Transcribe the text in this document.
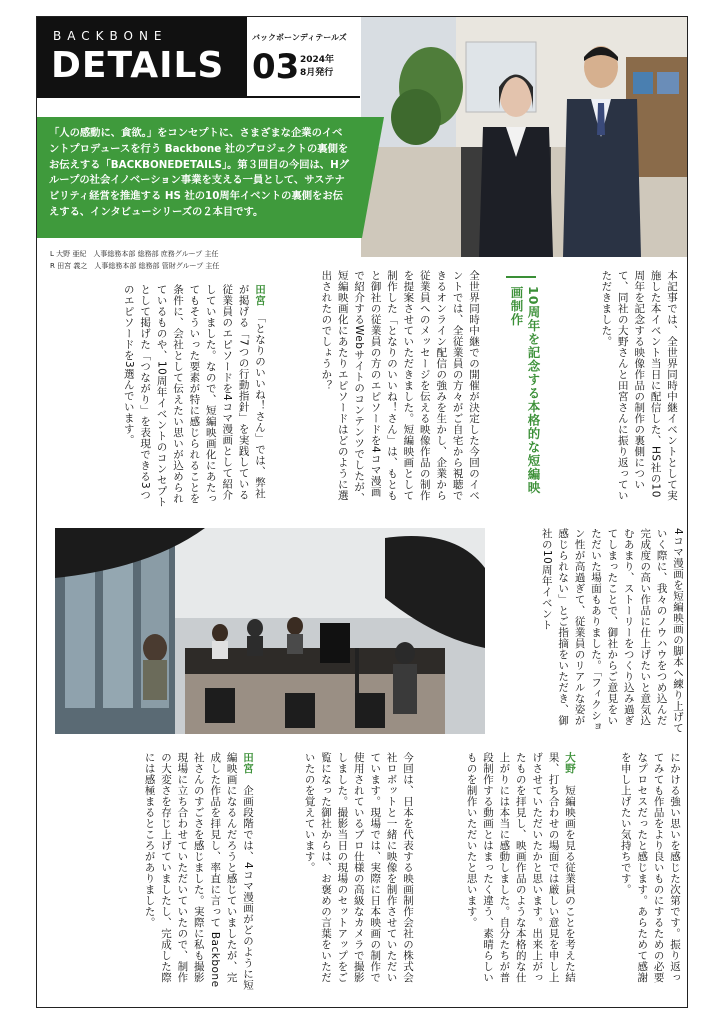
BACKBONE
DETAILS
バックボーンディテールズ
03 2024年
8月発行

「人の感動に、貪欲。」をコンセプトに、さまざまな企業のイベントプロデュースを行う Backbone 社のプロジェクトの裏側をお伝えする「BACKBONEDETAILS」。第３回目の今回は、Hグループの社会イノベーション事業を支える一員として、サステナビリティ経営を推進する HS 社の10周年イベントの裏側をお伝えする、インタビューシリーズの２本目です。

L 大野 亜紀　人事総務本部 総務部 庶務グループ 主任
R 田宮 義之　人事総務本部 総務部 管財グループ 主任
本記事では、全世界同時中継イベントとして実施した本イベント当日に配信した、HS社の10周年を記念する映像作品の制作の裏側について、同社の大野さんと田宮さんに振り返っていただきました。
10周年を記念する本格的な短編映画制作
全世界同時中継での開催が決定した今回のイベントでは、全従業員の方々がご自宅から視聴できるオンライン配信の強みを生かし、企業から従業員へのメッセージを伝える映像作品の制作を提案させていただきました。短編映画として制作した「となりのいいね！さん」は、もともと御社の従業員の方のエピソードを4コマ漫画で紹介するWebサイトのコンテンツでしたが、短編映画化にあたりエピソードはどのように選出されたのでしょうか？
田宮　「となりのいいね！さん」では、弊社が掲げる「7つの行動指針」を実践している従業員のエピソードを4コマ漫画として紹介していました。なので、短編映画化にあたってもそういった要素が特に感じられることを条件に、会社として伝えたい思いが込められているものや、10周年イベントのコンセプトとして掲げた「つながり」を表現できる3つのエピソードを3選んでいます。
4コマ漫画を短編映画の脚本へ練り上げていく際に、我々のノウハウをつめ込んだ完成度の高い作品に仕上げたいと意気込むあまり、ストーリーをつくり込み過ぎてしまったことで、御社からご意見をいただいた場面もありました。「フィクション性が高過ぎて、従業員のリアルな姿が感じられない」とご指摘をいただき、御社の10周年イベント
にかける強い思いを感じた次第です。振り返ってみても作品をより良いものにするための必要なプロセスだったと感じます。あらためて感謝を申し上げたい気持ちです。
大野　短編映画を見る従業員のことを考えた結果、打ち合わせの場面では厳しい意見を申し上げさせていただいたかと思います。出来上がったものを拝見し、映画作品のような本格的な仕上がりには本当に感動しました。自分たちが普段制作する動画とはまったく違う、素晴らしいものを制作いただいたと思います。
今回は、日本を代表する映画制作会社の株式会社ロボットと一緒に映像を制作させていただいています。現場では、実際に日本映画の制作で使用されているプロ仕様の高級なカメラで撮影しました。撮影当日の現場のセットアップをご覧になった御社からは、お褒めの言葉をいただいたのを覚えています。
田宮　企画段階では、4コマ漫画がどのように短編映画になるんだろうと感じていましたが、完成した作品を拝見し、率直に言って Backbone 社さんのすごさを感じました。実際に私も撮影現場に立ち合わせていただいていたので、制作の大変さを存じ上げていましたし、完成した際には感極まるところがありました。
